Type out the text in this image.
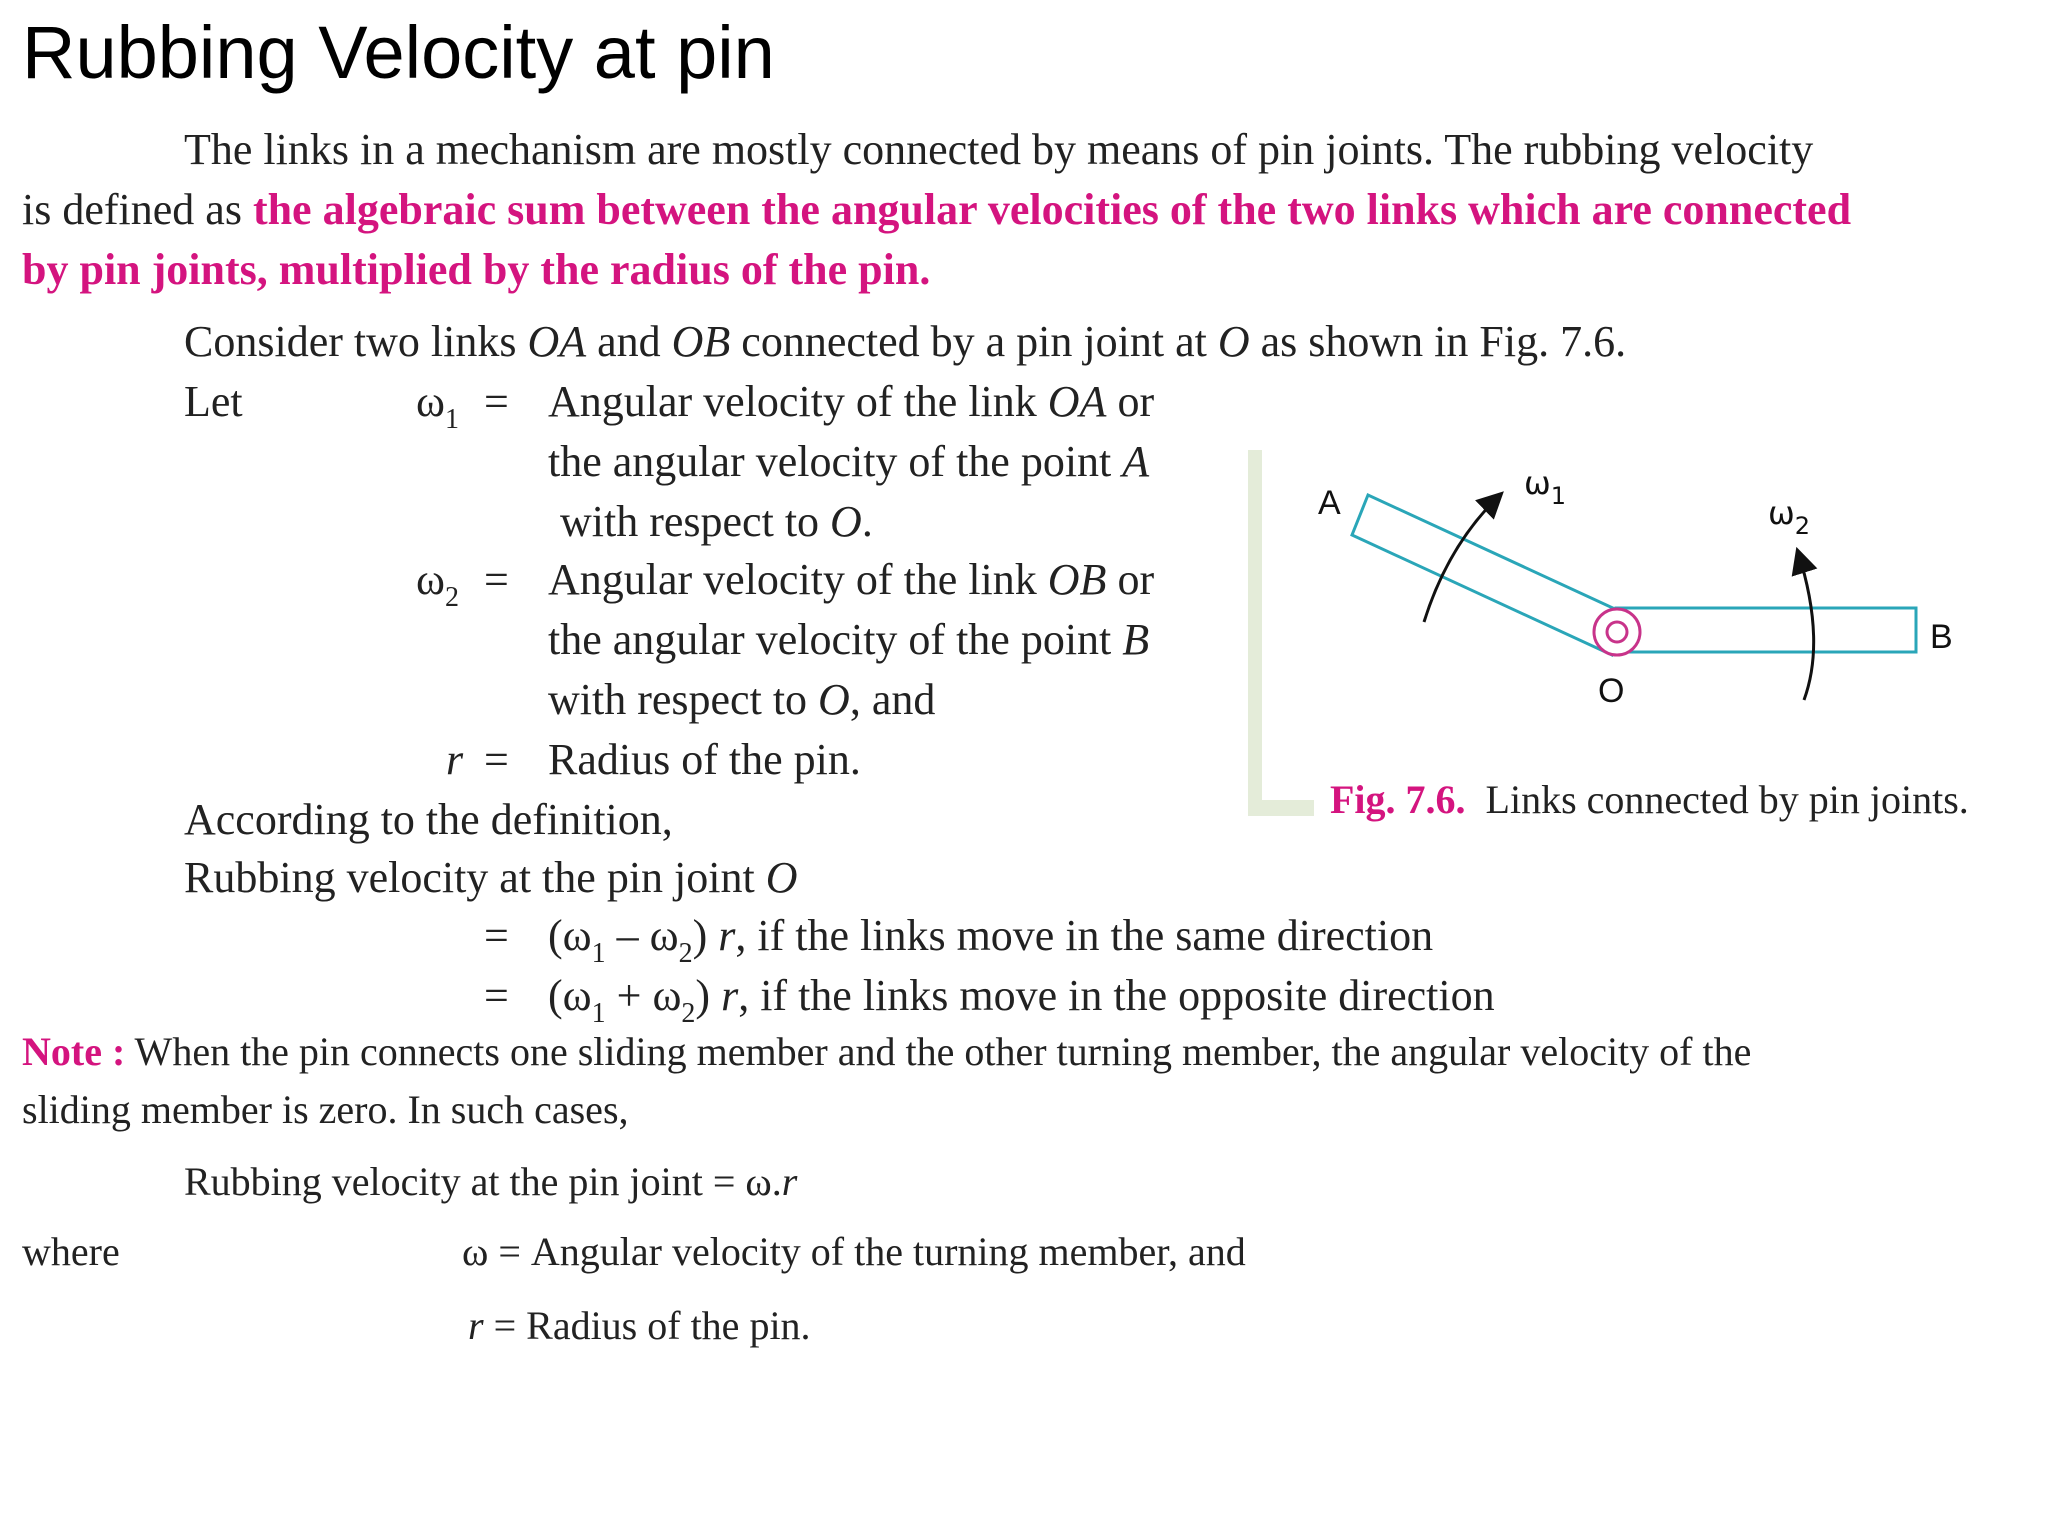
Rubbing Velocity at pin
The links in a mechanism are mostly connected by means of pin joints. The rubbing velocity
is defined as the algebraic sum between the angular velocities of the two links which are connected
by pin joints, multiplied by the radius of the pin.
Consider two links OA and OB connected by a pin joint at O as shown in Fig. 7.6.
Let	$\omega_1$ = Angular velocity of the link OA or
the angular velocity of the point A
with respect to O.
$\omega_2$ = Angular velocity of the link OB or
the angular velocity of the point B
with respect to O, and
r = Radius of the pin.
According to the definition,
Rubbing velocity at the pin joint O
= $(\omega_1 - \omega_2)$ r, if the links move in the same direction
= $(\omega_1 + \omega_2)$ r, if the links move in the opposite direction
Note : When the pin connects one sliding member and the other turning member, the angular velocity of the
sliding member is zero. In such cases,
Rubbing velocity at the pin joint = ω.r
where	ω = Angular velocity of the turning member, and
r = Radius of the pin.
A
B
O
$\omega_1$	$\omega_2$
Fig. 7.6. Links connected by pin joints.
